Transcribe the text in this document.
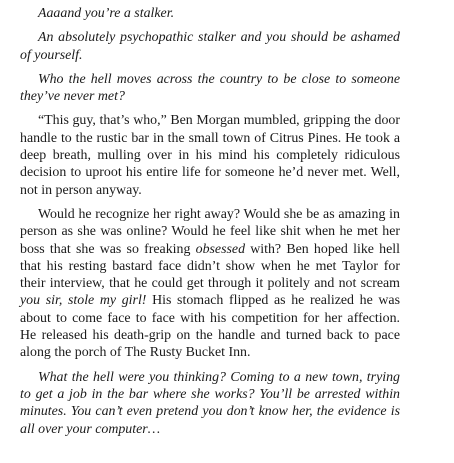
Aaaand you’re a stalker.

An absolutely psychopathic stalker and you should be ashamed of yourself.

Who the hell moves across the country to be close to someone they’ve never met?

“This guy, that’s who,” Ben Morgan mumbled, gripping the door handle to the rustic bar in the small town of Citrus Pines. He took a deep breath, mulling over in his mind his completely ridiculous decision to uproot his entire life for someone he’d never met. Well, not in person anyway.

Would he recognize her right away? Would she be as amazing in person as she was online? Would he feel like shit when he met her boss that she was so freaking obsessed with? Ben hoped like hell that his resting bastard face didn’t show when he met Taylor for their interview, that he could get through it politely and not scream you sir, stole my girl! His stomach flipped as he realized he was about to come face to face with his competition for her affection. He released his death-grip on the handle and turned back to pace along the porch of The Rusty Bucket Inn.

What the hell were you thinking? Coming to a new town, trying to get a job in the bar where she works? You’ll be arrested within minutes. You can’t even pretend you don’t know her, the evidence is all over your computer…
